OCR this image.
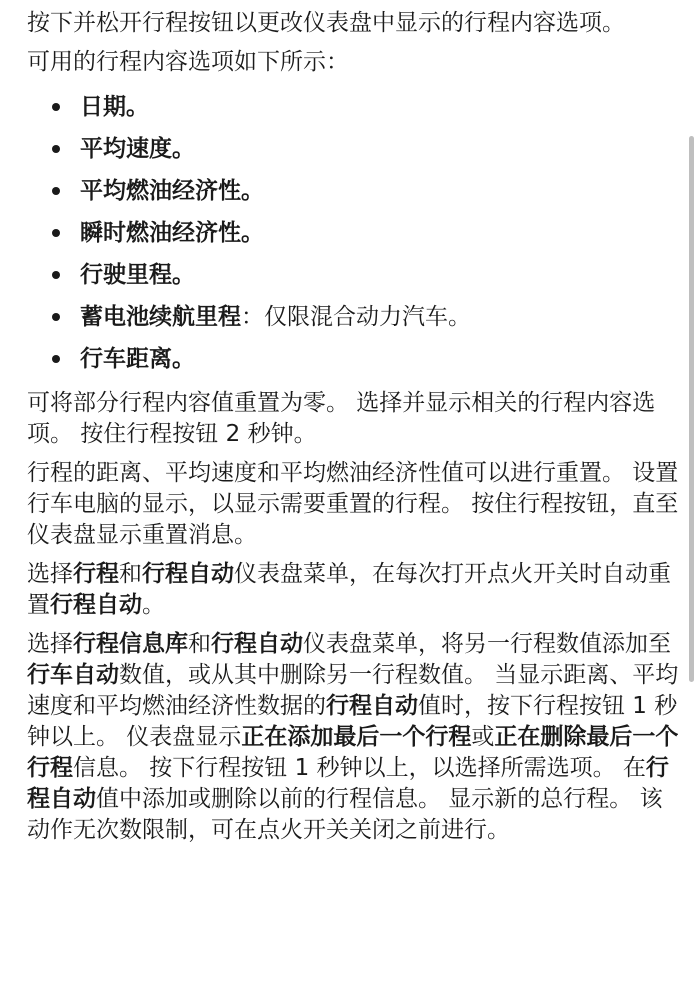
按下并松开行程按钮以更改仪表盘中显示的行程内容选项。

可用的行程内容选项如下所示：

日期。
平均速度。
平均燃油经济性。
瞬时燃油经济性。
行驶里程。
蓄电池续航里程：仅限混合动力汽车。
行车距离。

可将部分行程内容值重置为零。 选择并显示相关的行程内容选项。 按住行程按钮 2 秒钟。

行程的距离、平均速度和平均燃油经济性值可以进行重置。 设置行车电脑的显示，以显示需要重置的行程。 按住行程按钮，直至仪表盘显示重置消息。

选择行程和行程自动仪表盘菜单，在每次打开点火开关时自动重置行程自动。

选择行程信息库和行程自动仪表盘菜单，将另一行程数值添加至行车自动数值，或从其中删除另一行程数值。 当显示距离、平均速度和平均燃油经济性数据的行程自动值时，按下行程按钮 1 秒钟以上。 仪表盘显示正在添加最后一个行程或正在删除最后一个行程信息。 按下行程按钮 1 秒钟以上，以选择所需选项。 在行程自动值中添加或删除以前的行程信息。 显示新的总行程。 该动作无次数限制，可在点火开关关闭之前进行。
